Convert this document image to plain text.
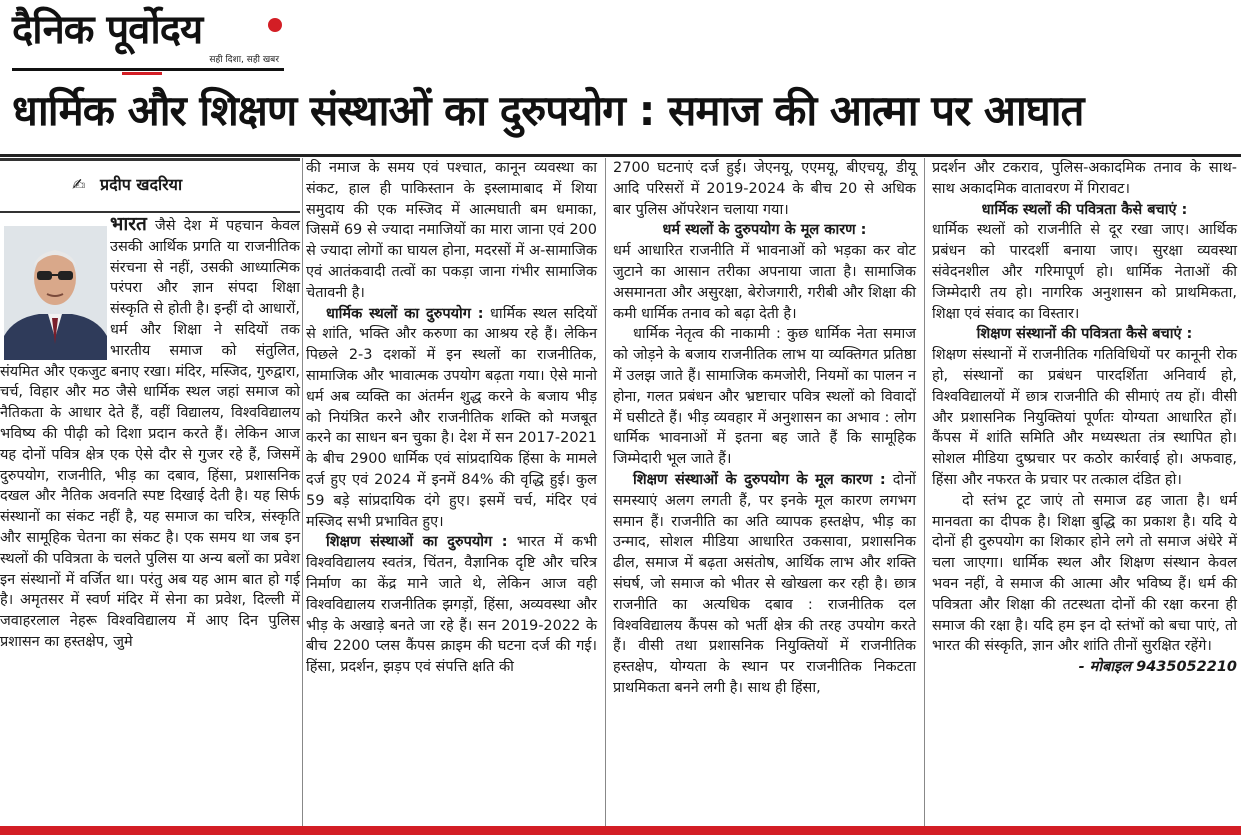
दैनिक पूर्वोदय
सही दिशा, सही खबर
धार्मिक और शिक्षण संस्थाओं का दुरुपयोग : समाज की आत्मा पर आघात
✍ प्रदीप खदरिया

भारत जैसे देश में पहचान केवल उसकी आर्थिक प्रगति या राजनीतिक संरचना से नहीं, उसकी आध्यात्मिक परंपरा और ज्ञान संपदा शिक्षा संस्कृति से होती है। इन्हीं दो आधारों, धर्म और शिक्षा ने सदियों तक भारतीय समाज को संतुलित, संयमित और एकजुट बनाए रखा। मंदिर, मस्जिद, गुरुद्वारा, चर्च, विहार और मठ जैसे धार्मिक स्थल जहां समाज को नैतिकता के आधार देते हैं, वहीं विद्यालय, विश्वविद्यालय भविष्य की पीढ़ी को दिशा प्रदान करते हैं। लेकिन आज यह दोनों पवित्र क्षेत्र एक ऐसे दौर से गुजर रहे हैं, जिसमें दुरुपयोग, राजनीति, भीड़ का दबाव, हिंसा, प्रशासनिक दखल और नैतिक अवनति स्पष्ट दिखाई देती है। यह सिर्फ संस्थानों का संकट नहीं है, यह समाज का चरित्र, संस्कृति और सामूहिक चेतना का संकट है। एक समय था जब इन स्थलों की पवित्रता के चलते पुलिस या अन्य बलों का प्रवेश इन संस्थानों में वर्जित था। परंतु अब यह आम बात हो गई है। अमृतसर में स्वर्ण मंदिर में सेना का प्रवेश, दिल्ली में जवाहरलाल नेहरू विश्वविद्यालय में आए दिन पुलिस प्रशासन का हस्तक्षेप, जुमे

की नमाज के समय एवं पश्चात, कानून व्यवस्था का संकट, हाल ही पाकिस्तान के इस्लामाबाद में शिया समुदाय की एक मस्जिद में आत्मघाती बम धमाका, जिसमें 69 से ज्यादा नमाजियों का मारा जाना एवं 200 से ज्यादा लोगों का घायल होना, मदरसों में अ-सामाजिक एवं आतंकवादी तत्वों का पकड़ा जाना गंभीर सामाजिक चेतावनी है।

धार्मिक स्थलों का दुरुपयोग : धार्मिक स्थल सदियों से शांति, भक्ति और करुणा का आश्रय रहे हैं। लेकिन पिछले 2-3 दशकों में इन स्थलों का राजनीतिक, सामाजिक और भावात्मक उपयोग बढ़ता गया। ऐसे मानो धर्म अब व्यक्ति का अंतर्मन शुद्ध करने के बजाय भीड़ को नियंत्रित करने और राजनीतिक शक्ति को मजबूत करने का साधन बन चुका है। देश में सन 2017-2021 के बीच 2900 धार्मिक एवं सांप्रदायिक हिंसा के मामले दर्ज हुए एवं 2024 में इनमें 84% की वृद्धि हुई। कुल 59 बड़े सांप्रदायिक दंगे हुए। इसमें चर्च, मंदिर एवं मस्जिद सभी प्रभावित हुए।

शिक्षण संस्थाओं का दुरुपयोग : भारत में कभी विश्वविद्यालय स्वतंत्र, चिंतन, वैज्ञानिक दृष्टि और चरित्र निर्माण का केंद्र माने जाते थे, लेकिन आज वही विश्वविद्यालय राजनीतिक झगड़ों, हिंसा, अव्यवस्था और भीड़ के अखाड़े बनते जा रहे हैं। सन 2019-2022 के बीच 2200 प्लस कैंपस क्राइम की घटना दर्ज की गई। हिंसा, प्रदर्शन, झड़प एवं संपत्ति क्षति की

2700 घटनाएं दर्ज हुई। जेएनयू, एएमयू, बीएचयू, डीयू आदि परिसरों में 2019-2024 के बीच 20 से अधिक बार पुलिस ऑपरेशन चलाया गया।

धर्म स्थलों के दुरुपयोग के मूल कारण :

धर्म आधारित राजनीति में भावनाओं को भड़का कर वोट जुटाने का आसान तरीका अपनाया जाता है। सामाजिक असमानता और असुरक्षा, बेरोजगारी, गरीबी और शिक्षा की कमी धार्मिक तनाव को बढ़ा देती है।

धार्मिक नेतृत्व की नाकामी : कुछ धार्मिक नेता समाज को जोड़ने के बजाय राजनीतिक लाभ या व्यक्तिगत प्रतिष्ठा में उलझ जाते हैं। सामाजिक कमजोरी, नियमों का पालन न होना, गलत प्रबंधन और भ्रष्टाचार पवित्र स्थलों को विवादों में घसीटते हैं। भीड़ व्यवहार में अनुशासन का अभाव : लोग धार्मिक भावनाओं में इतना बह जाते हैं कि सामूहिक जिम्मेदारी भूल जाते हैं।

शिक्षण संस्थाओं के दुरुपयोग के मूल कारण : दोनों समस्याएं अलग लगती हैं, पर इनके मूल कारण लगभग समान हैं। राजनीति का अति व्यापक हस्तक्षेप, भीड़ का उन्माद, सोशल मीडिया आधारित उकसावा, प्रशासनिक ढील, समाज में बढ़ता असंतोष, आर्थिक लाभ और शक्ति संघर्ष, जो समाज को भीतर से खोखला कर रही है। छात्र राजनीति का अत्यधिक दबाव : राजनीतिक दल विश्वविद्यालय कैंपस को भर्ती क्षेत्र की तरह उपयोग करते हैं। वीसी तथा प्रशासनिक नियुक्तियों में राजनीतिक हस्तक्षेप, योग्यता के स्थान पर राजनीतिक निकटता प्राथमिकता बनने लगी है। साथ ही हिंसा,

प्रदर्शन और टकराव, पुलिस-अकादमिक तनाव के साथ-साथ अकादमिक वातावरण में गिरावट।

धार्मिक स्थलों की पवित्रता कैसे बचाएं :

धार्मिक स्थलों को राजनीति से दूर रखा जाए। आर्थिक प्रबंधन को पारदर्शी बनाया जाए। सुरक्षा व्यवस्था संवेदनशील और गरिमापूर्ण हो। धार्मिक नेताओं की जिम्मेदारी तय हो। नागरिक अनुशासन को प्राथमिकता, शिक्षा एवं संवाद का विस्तार।

शिक्षण संस्थानों की पवित्रता कैसे बचाएं :

शिक्षण संस्थानों में राजनीतिक गतिविधियों पर कानूनी रोक हो, संस्थानों का प्रबंधन पारदर्शिता अनिवार्य हो, विश्वविद्यालयों में छात्र राजनीति की सीमाएं तय हों। वीसी और प्रशासनिक नियुक्तियां पूर्णतः योग्यता आधारित हों। कैंपस में शांति समिति और मध्यस्थता तंत्र स्थापित हो। सोशल मीडिया दुष्प्रचार पर कठोर कार्रवाई हो। अफवाह, हिंसा और नफरत के प्रचार पर तत्काल दंडित हो।

दो स्तंभ टूट जाएं तो समाज ढह जाता है। धर्म मानवता का दीपक है। शिक्षा बुद्धि का प्रकाश है। यदि ये दोनों ही दुरुपयोग का शिकार होने लगे तो समाज अंधेरे में चला जाएगा। धार्मिक स्थल और शिक्षण संस्थान केवल भवन नहीं, वे समाज की आत्मा और भविष्य हैं। धर्म की पवित्रता और शिक्षा की तटस्थता दोनों की रक्षा करना ही समाज की रक्षा है। यदि हम इन दो स्तंभों को बचा पाएं, तो भारत की संस्कृति, ज्ञान और शांति तीनों सुरक्षित रहेंगे।

- मोबाइल 9435052210
